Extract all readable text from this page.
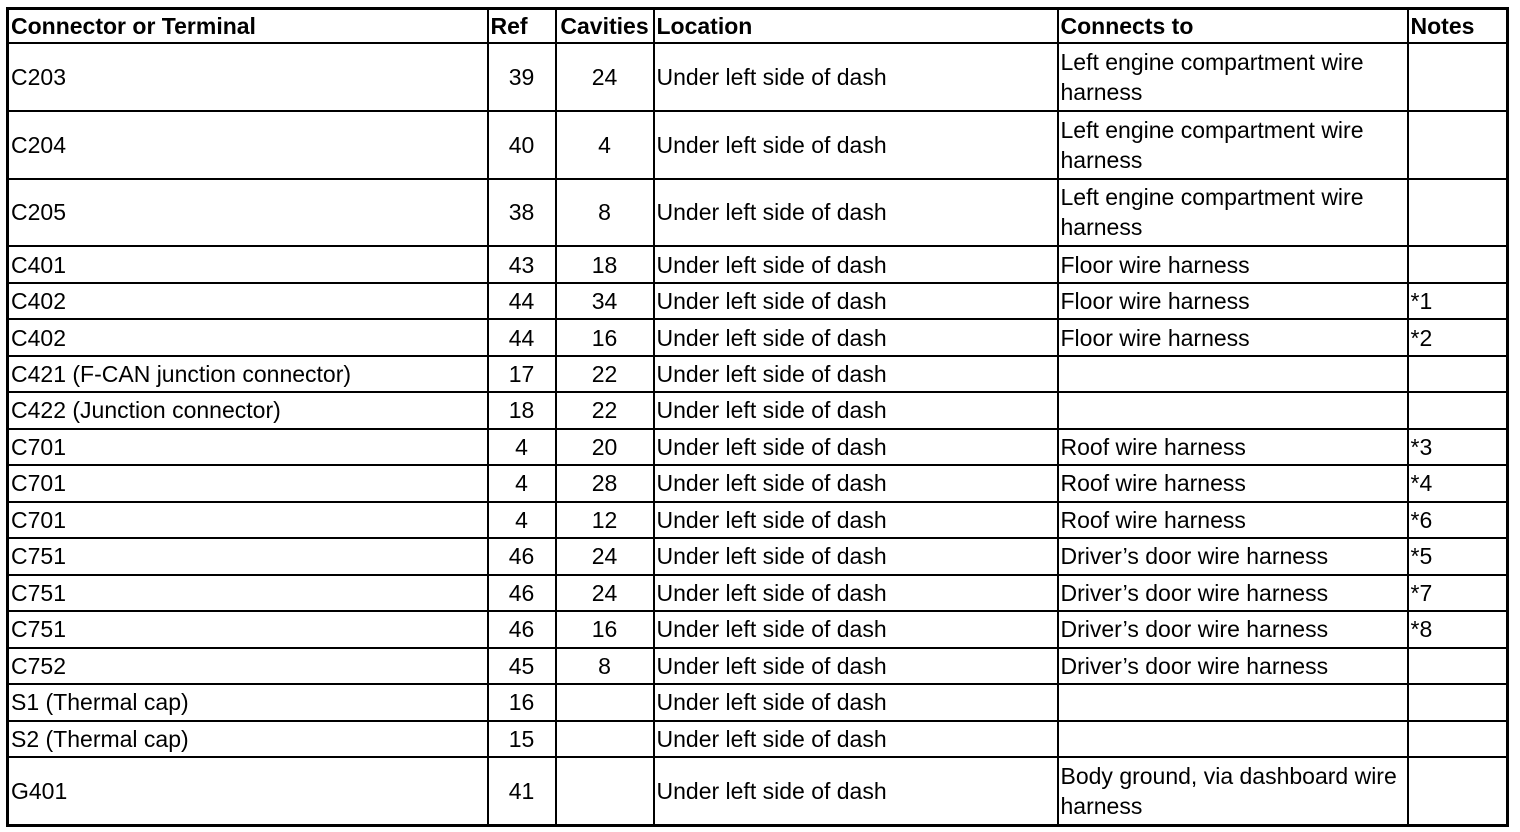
Connector or Terminal	Ref	Cavities	Location	Connects to	Notes
C203	39	24	Under left side of dash	Left engine compartment wire harness	
C204	40	4	Under left side of dash	Left engine compartment wire harness	
C205	38	8	Under left side of dash	Left engine compartment wire harness	
C401	43	18	Under left side of dash	Floor wire harness	
C402	44	34	Under left side of dash	Floor wire harness	*1
C402	44	16	Under left side of dash	Floor wire harness	*2
C421 (F-CAN junction connector)	17	22	Under left side of dash		
C422 (Junction connector)	18	22	Under left side of dash		
C701	4	20	Under left side of dash	Roof wire harness	*3
C701	4	28	Under left side of dash	Roof wire harness	*4
C701	4	12	Under left side of dash	Roof wire harness	*6
C751	46	24	Under left side of dash	Driver’s door wire harness	*5
C751	46	24	Under left side of dash	Driver’s door wire harness	*7
C751	46	16	Under left side of dash	Driver’s door wire harness	*8
C752	45	8	Under left side of dash	Driver’s door wire harness	
S1 (Thermal cap)	16		Under left side of dash		
S2 (Thermal cap)	15		Under left side of dash		
G401	41		Under left side of dash	Body ground, via dashboard wire harness	
